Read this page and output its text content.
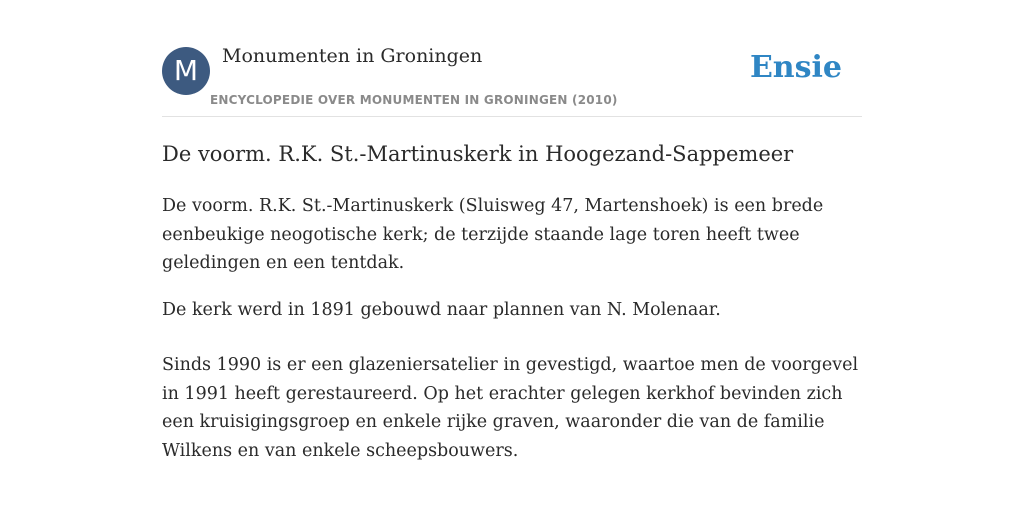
M	Monumenten in Groningen
ENCYCLOPEDIE OVER MONUMENTEN IN GRONINGEN (2010)
Ensie
De voorm. R.K. St.-Martinuskerk in Hoogezand-Sappemeer

De voorm. R.K. St.-Martinuskerk (Sluisweg 47, Martenshoek) is een brede eenbeukige neogotische kerk; de terzijde staande lage toren heeft twee geledingen en een tentdak.

De kerk werd in 1891 gebouwd naar plannen van N. Molenaar.

Sinds 1990 is er een glazeniersatelier in gevestigd, waartoe men de voorgevel in 1991 heeft gerestaureerd. Op het erachter gelegen kerkhof bevinden zich een kruisigingsgroep en enkele rijke graven, waaronder die van de familie Wilkens en van enkele scheepsbouwers.
